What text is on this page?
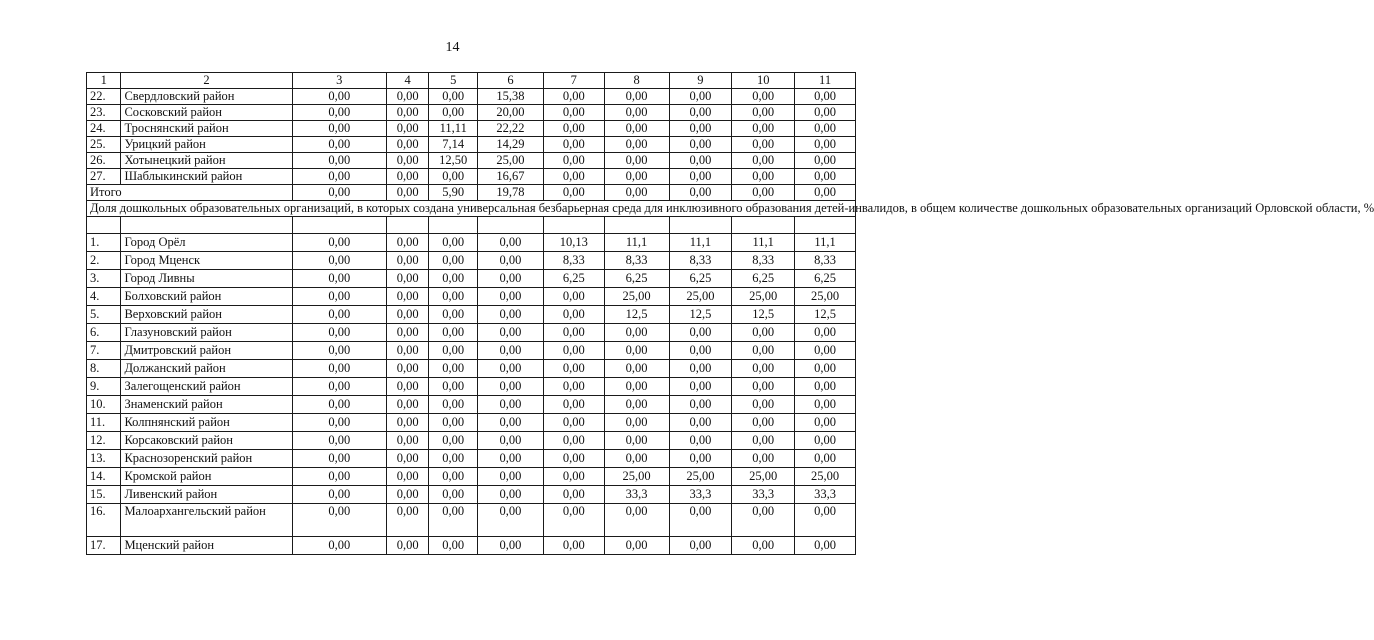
14
1	2	3	4	5	6	7	8	9	10	11
22.	Свердловский район	0,00	0,00	0,00	15,38	0,00	0,00	0,00	0,00	0,00
23.	Сосковский район	0,00	0,00	0,00	20,00	0,00	0,00	0,00	0,00	0,00
24.	Троснянский район	0,00	0,00	11,11	22,22	0,00	0,00	0,00	0,00	0,00
25.	Урицкий район	0,00	0,00	7,14	14,29	0,00	0,00	0,00	0,00	0,00
26.	Хотынецкий район	0,00	0,00	12,50	25,00	0,00	0,00	0,00	0,00	0,00
27.	Шаблыкинский район	0,00	0,00	0,00	16,67	0,00	0,00	0,00	0,00	0,00
Итого		0,00	0,00	5,90	19,78	0,00	0,00	0,00	0,00	0,00
Доля дошкольных образовательных организаций, в которых создана универсальная безбарьерная среда для инклюзивного образования детей-инвалидов, в общем количестве дошкольных образовательных организаций Орловской области, %										

1.	Город Орёл	0,00	0,00	0,00	0,00	10,13	11,1	11,1	11,1	11,1
2.	Город Мценск	0,00	0,00	0,00	0,00	8,33	8,33	8,33	8,33	8,33
3.	Город Ливны	0,00	0,00	0,00	0,00	6,25	6,25	6,25	6,25	6,25
4.	Болховский район	0,00	0,00	0,00	0,00	0,00	25,00	25,00	25,00	25,00
5.	Верховский район	0,00	0,00	0,00	0,00	0,00	12,5	12,5	12,5	12,5
6.	Глазуновский район	0,00	0,00	0,00	0,00	0,00	0,00	0,00	0,00	0,00
7.	Дмитровский район	0,00	0,00	0,00	0,00	0,00	0,00	0,00	0,00	0,00
8.	Должанский район	0,00	0,00	0,00	0,00	0,00	0,00	0,00	0,00	0,00
9.	Залегощенский район	0,00	0,00	0,00	0,00	0,00	0,00	0,00	0,00	0,00
10.	Знаменский район	0,00	0,00	0,00	0,00	0,00	0,00	0,00	0,00	0,00
11.	Колпнянский район	0,00	0,00	0,00	0,00	0,00	0,00	0,00	0,00	0,00
12.	Корсаковский район	0,00	0,00	0,00	0,00	0,00	0,00	0,00	0,00	0,00
13.	Краснозоренский район	0,00	0,00	0,00	0,00	0,00	0,00	0,00	0,00	0,00
14.	Кромской район	0,00	0,00	0,00	0,00	0,00	25,00	25,00	25,00	25,00
15.	Ливенский район	0,00	0,00	0,00	0,00	0,00	33,3	33,3	33,3	33,3
16.	Малоархангельский район	0,00	0,00	0,00	0,00	0,00	0,00	0,00	0,00	0,00
17.	Мценский район	0,00	0,00	0,00	0,00	0,00	0,00	0,00	0,00	0,00
